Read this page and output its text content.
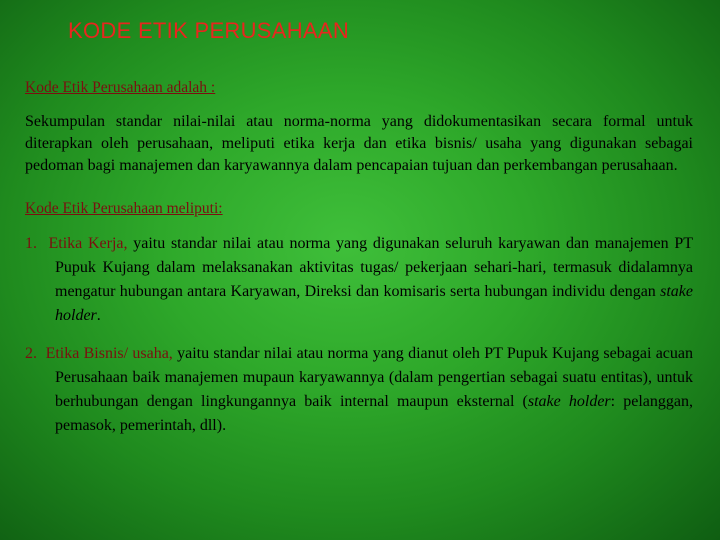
KODE ETIK PERUSAHAAN
Kode Etik Perusahaan adalah :
Sekumpulan standar nilai-nilai atau norma-norma yang didokumentasikan secara formal untuk diterapkan oleh perusahaan, meliputi etika kerja dan etika bisnis/ usaha yang digunakan sebagai pedoman bagi manajemen dan karyawannya dalam pencapaian tujuan dan perkembangan perusahaan.
Kode Etik Perusahaan meliputi:
1. Etika Kerja, yaitu standar nilai atau norma yang digunakan seluruh karyawan dan manajemen PT Pupuk Kujang dalam melaksanakan aktivitas tugas/ pekerjaan sehari-hari, termasuk didalamnya mengatur hubungan antara Karyawan, Direksi dan komisaris serta hubungan individu dengan stake holder.
2. Etika Bisnis/ usaha, yaitu standar nilai atau norma yang dianut oleh PT Pupuk Kujang sebagai acuan Perusahaan baik manajemen mupaun karyawannya (dalam pengertian sebagai suatu entitas), untuk berhubungan dengan lingkungannya baik internal maupun eksternal (stake holder: pelanggan, pemasok, pemerintah, dll).
